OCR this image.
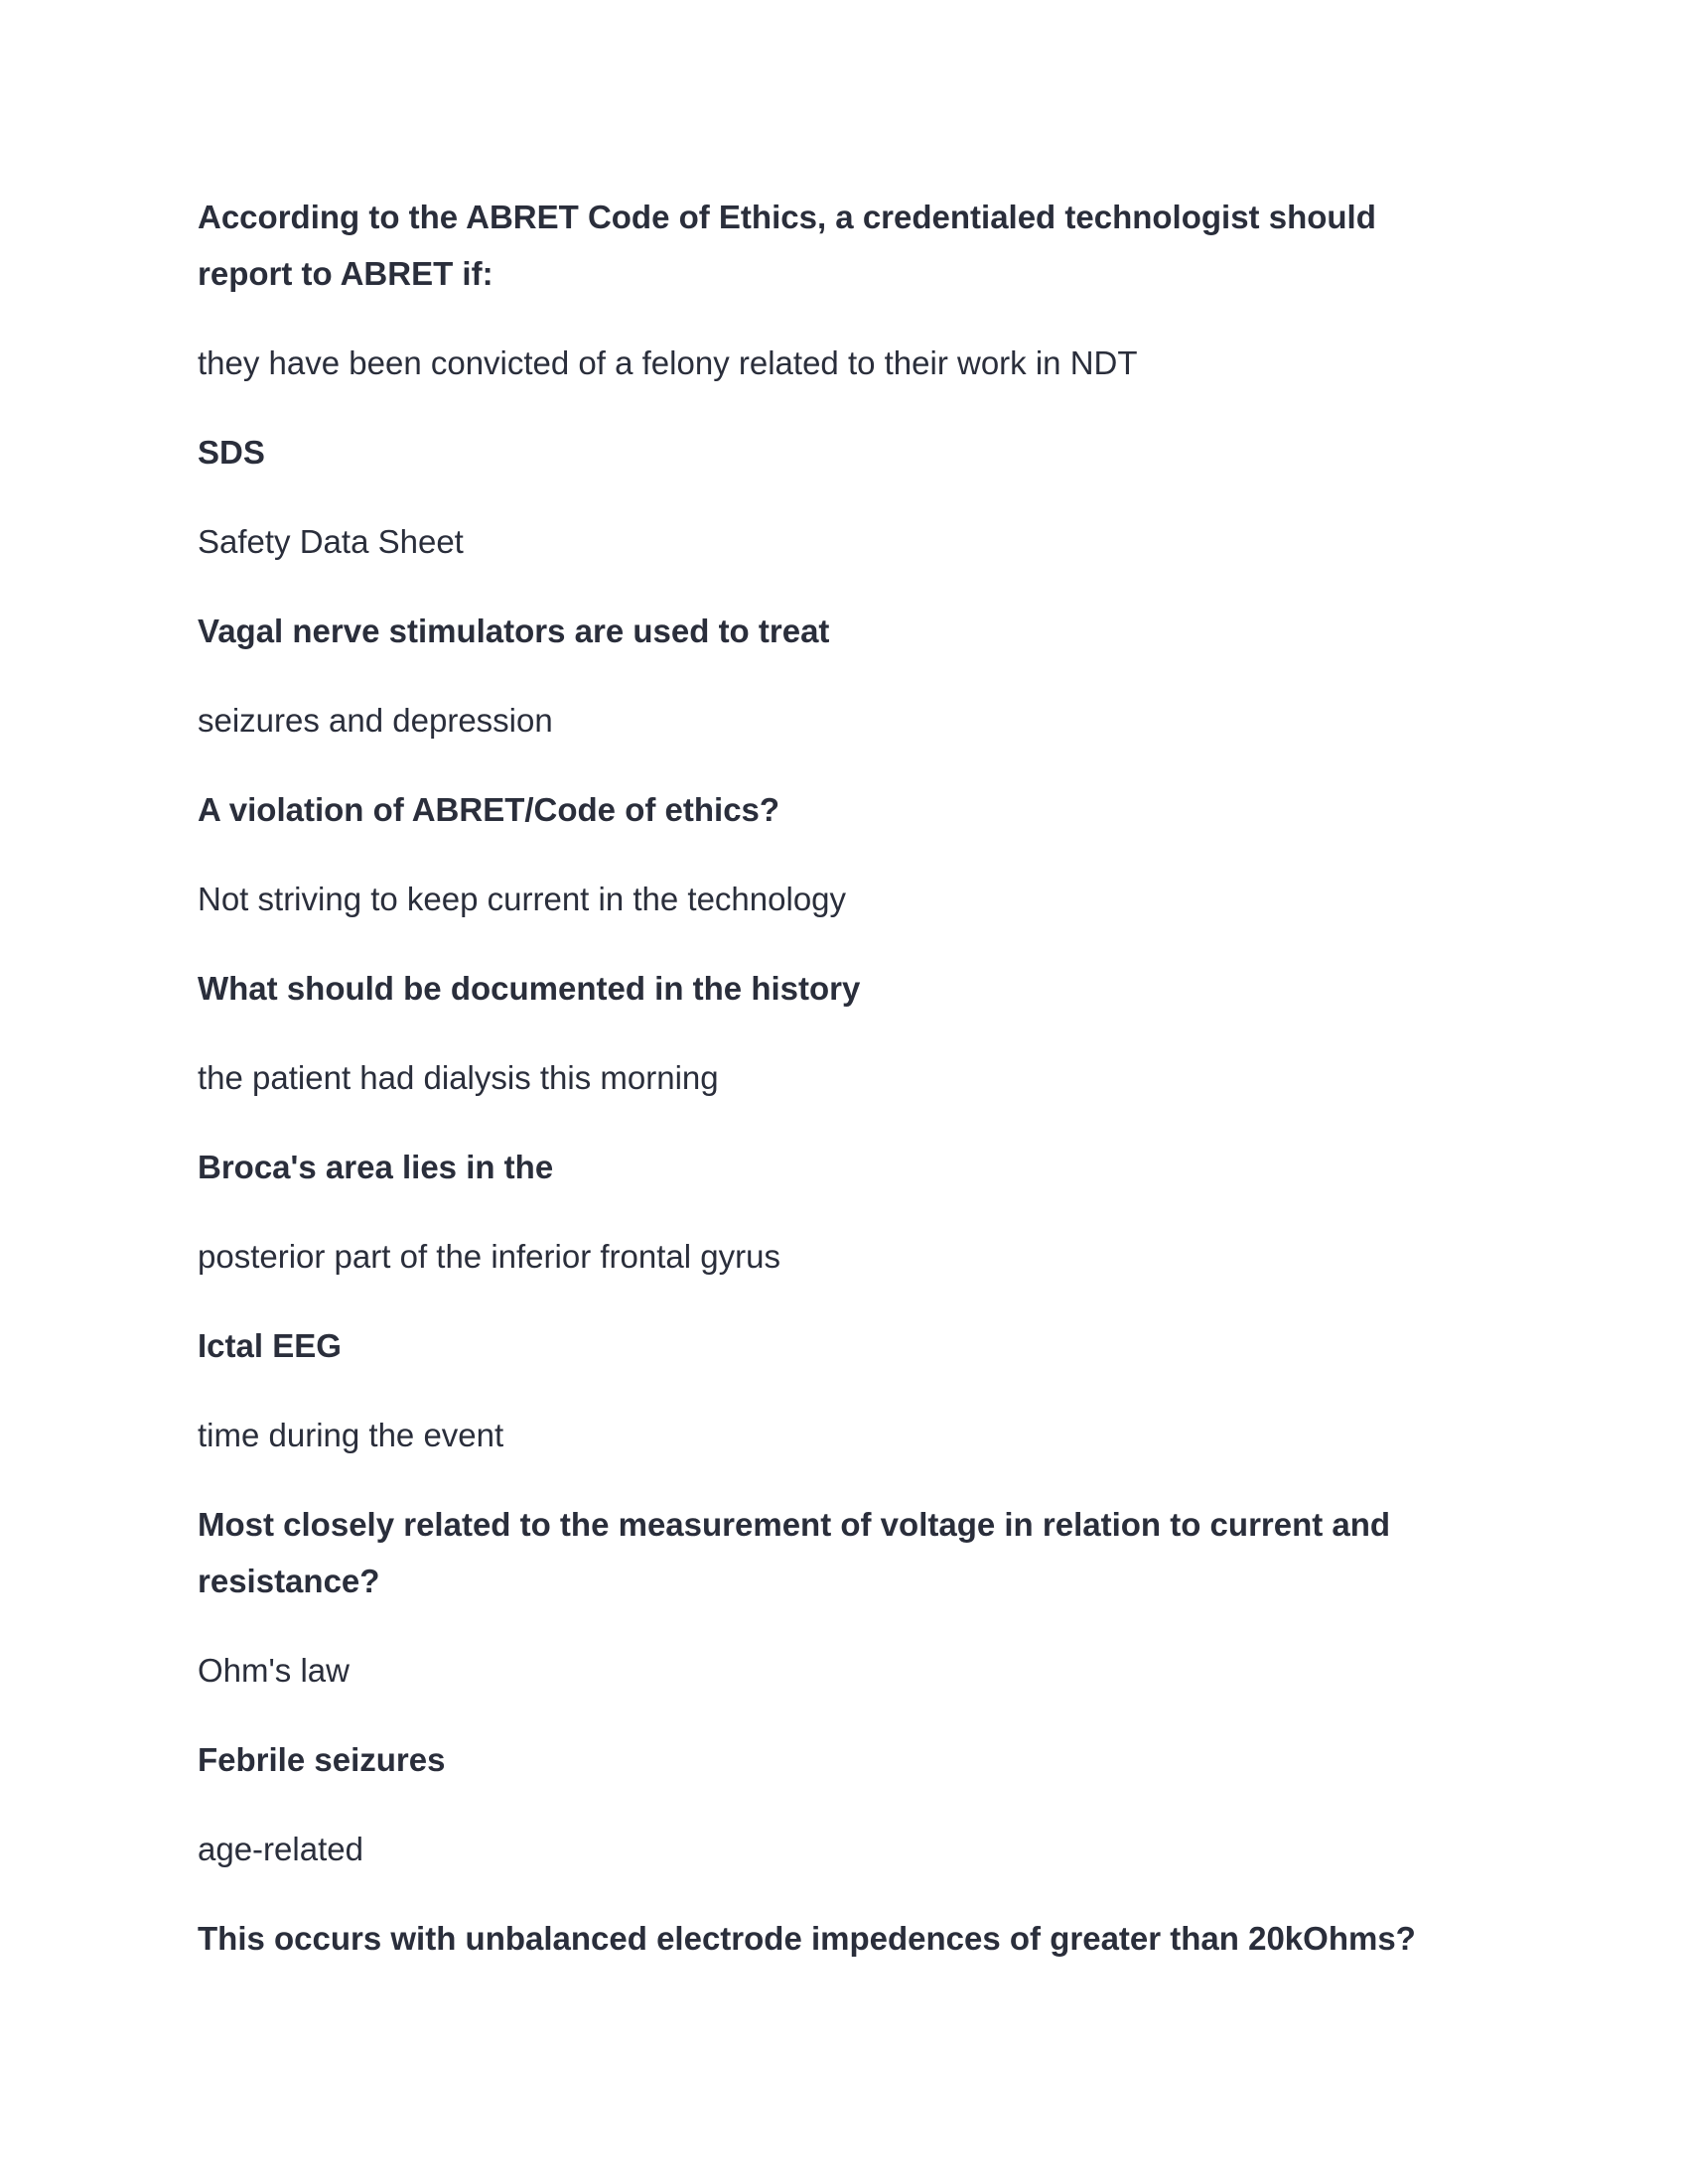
According to the ABRET Code of Ethics, a credentialed technologist should report to ABRET if:

they have been convicted of a felony related to their work in NDT

SDS

Safety Data Sheet

Vagal nerve stimulators are used to treat

seizures and depression

A violation of ABRET/Code of ethics?

Not striving to keep current in the technology

What should be documented in the history

the patient had dialysis this morning

Broca's area lies in the

posterior part of the inferior frontal gyrus

Ictal EEG

time during the event

Most closely related to the measurement of voltage in relation to current and resistance?

Ohm's law

Febrile seizures

age-related

This occurs with unbalanced electrode impedences of greater than 20kOhms?
